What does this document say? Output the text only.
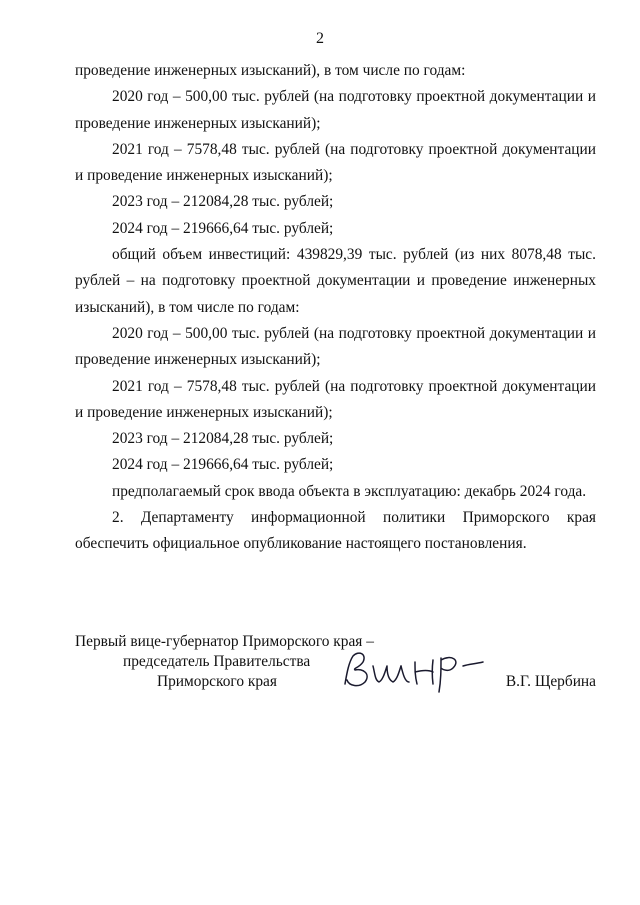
2

проведение инженерных изысканий), в том числе по годам:

2020 год – 500,00 тыс. рублей (на подготовку проектной документации и проведение инженерных изысканий);

2021 год – 7578,48 тыс. рублей (на подготовку проектной документации и проведение инженерных изысканий);

2023 год – 212084,28 тыс. рублей;

2024 год – 219666,64 тыс. рублей;

общий объем инвестиций: 439829,39 тыс. рублей (из них 8078,48 тыс. рублей – на подготовку проектной документации и проведение инженерных изысканий), в том числе по годам:

2020 год – 500,00 тыс. рублей (на подготовку проектной документации и проведение инженерных изысканий);

2021 год – 7578,48 тыс. рублей (на подготовку проектной документации и проведение инженерных изысканий);

2023 год – 212084,28 тыс. рублей;

2024 год – 219666,64 тыс. рублей;

предполагаемый срок ввода объекта в эксплуатацию: декабрь 2024 года.

2. Департаменту информационной политики Приморского края обеспечить официальное опубликование настоящего постановления.

Первый вице-губернатор Приморского края –
председатель Правительства
Приморского края	В.Г. Щербина
